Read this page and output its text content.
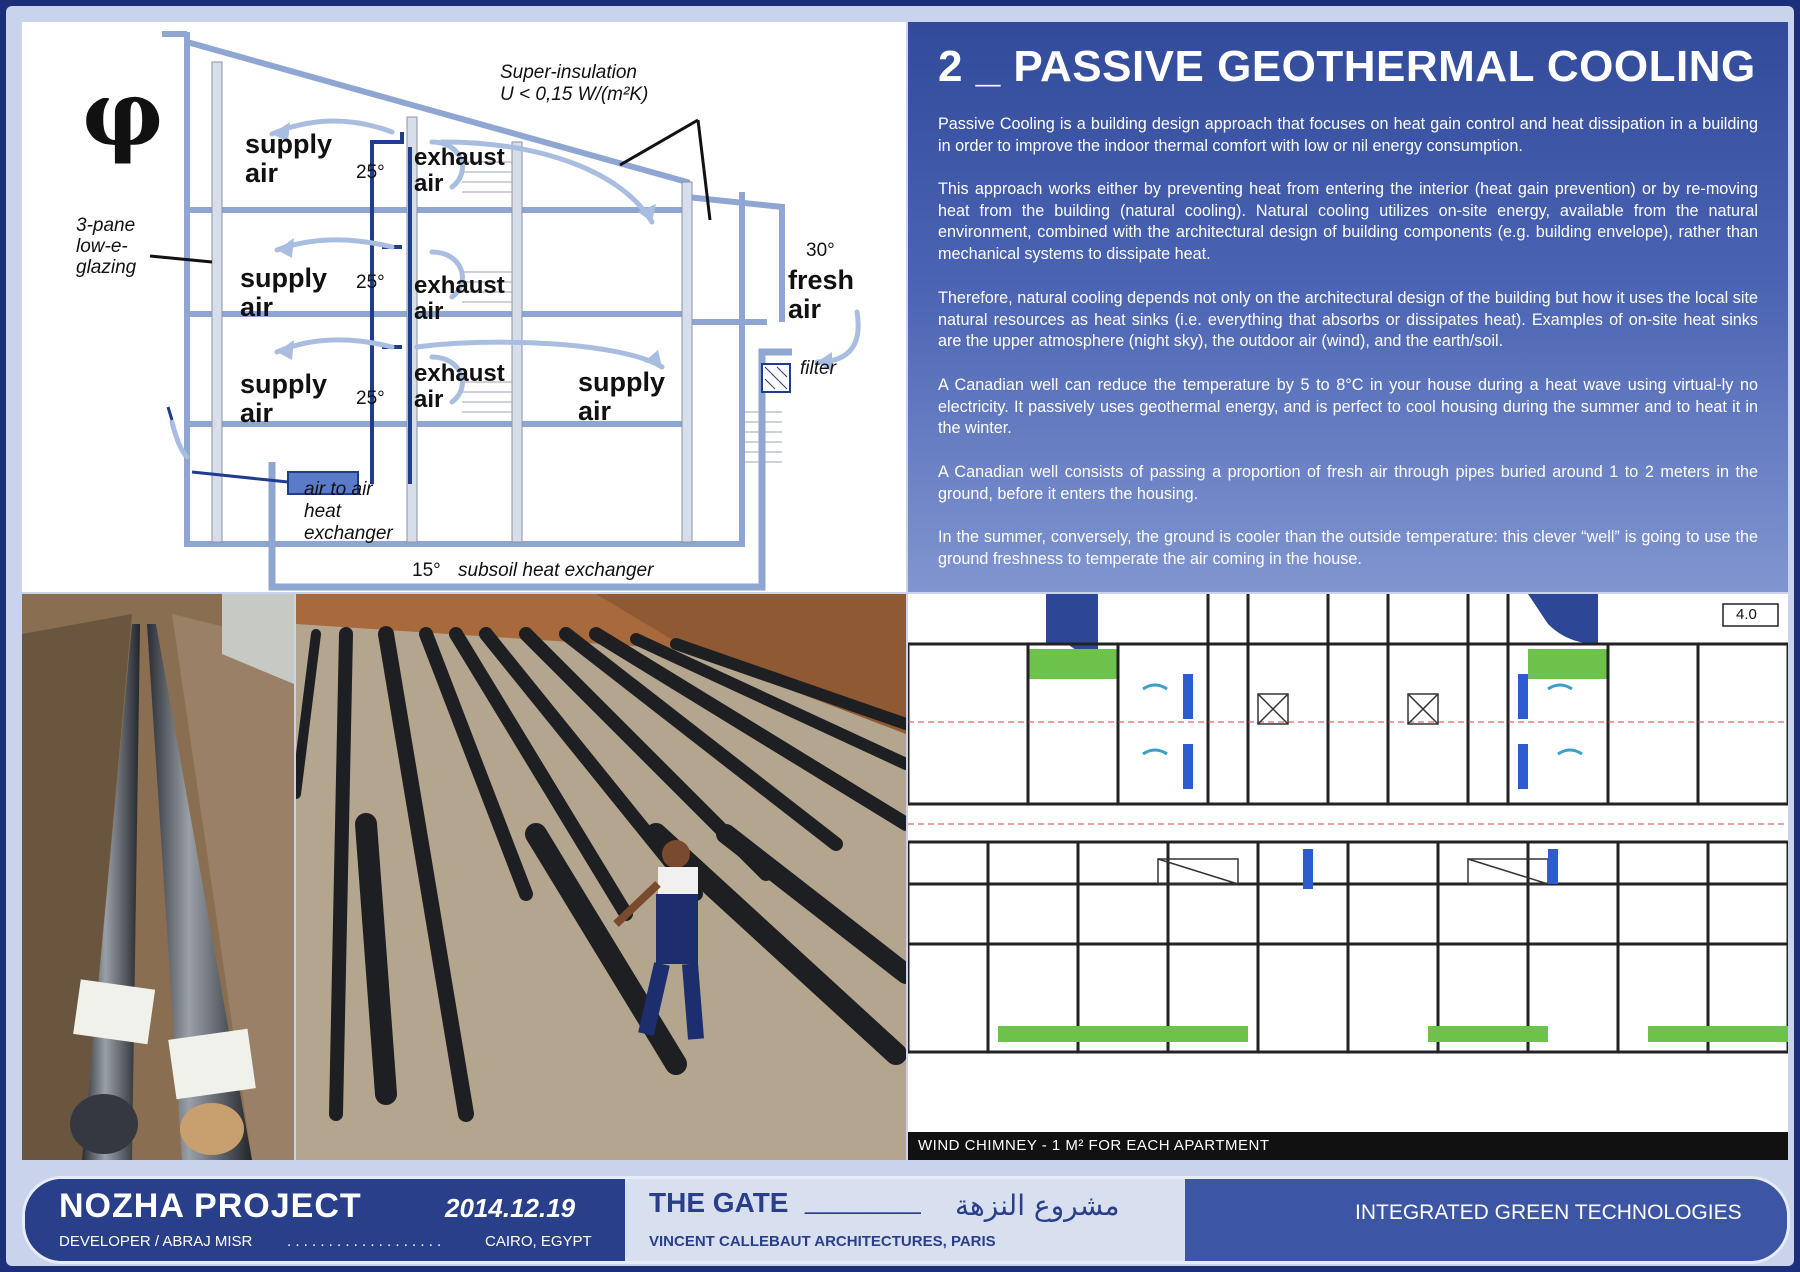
φ	Super-insulation
U < 0,15 W/(m²K)
3-pane
low-e-
glazing
supply
air	25°
exhaust
air
supply
air
25° exhaust
air
supply
air	25°
exhaust
air
supply
air
30°
fresh
air
filter
air to air
heat
exchanger
15° subsoil heat exchanger
2 _ PASSIVE GEOTHERMAL COOLING
Passive Cooling is a building design approach that focuses on heat gain control and heat dissipation in a building in order to improve the indoor thermal comfort with low or nil energy consumption.
This approach works either by preventing heat from entering the interior (heat gain prevention) or by re-moving heat from the building (natural cooling). Natural cooling utilizes on-site energy, available from the natural environment, combined with the architectural design of building components (e.g. building envelope), rather than mechanical systems to dissipate heat.
Therefore, natural cooling depends not only on the architectural design of the building but how it uses the local site natural resources as heat sinks (i.e. everything that absorbs or dissipates heat). Examples of on-site heat sinks are the upper atmosphere (night sky), the outdoor air (wind), and the earth/soil.
A Canadian well can reduce the temperature by 5 to 8°C in your house during a heat wave using virtual-ly no electricity. It passively uses geothermal energy, and is perfect to cool housing during the summer and to heat it in the winter.
A Canadian well consists of passing a proportion of fresh air through pipes buried around 1 to 2 meters in the ground, before it enters the housing.
In the summer, conversely, the ground is cooler than the outside temperature: this clever “well” is going to use the ground freshness to temperate the air coming in the house.
4.0
WIND CHIMNEY - 1 M² FOR EACH APARTMENT
NOZHA PROJECT	2014.12.19
DEVELOPER / ABRAJ MISR . . . . . . . . . . . . . . . . . . .	CAIRO, EGYPT
THE GATE ________ مشروع النزهة
VINCENT CALLEBAUT ARCHITECTURES, PARIS
INTEGRATED GREEN TECHNOLOGIES
